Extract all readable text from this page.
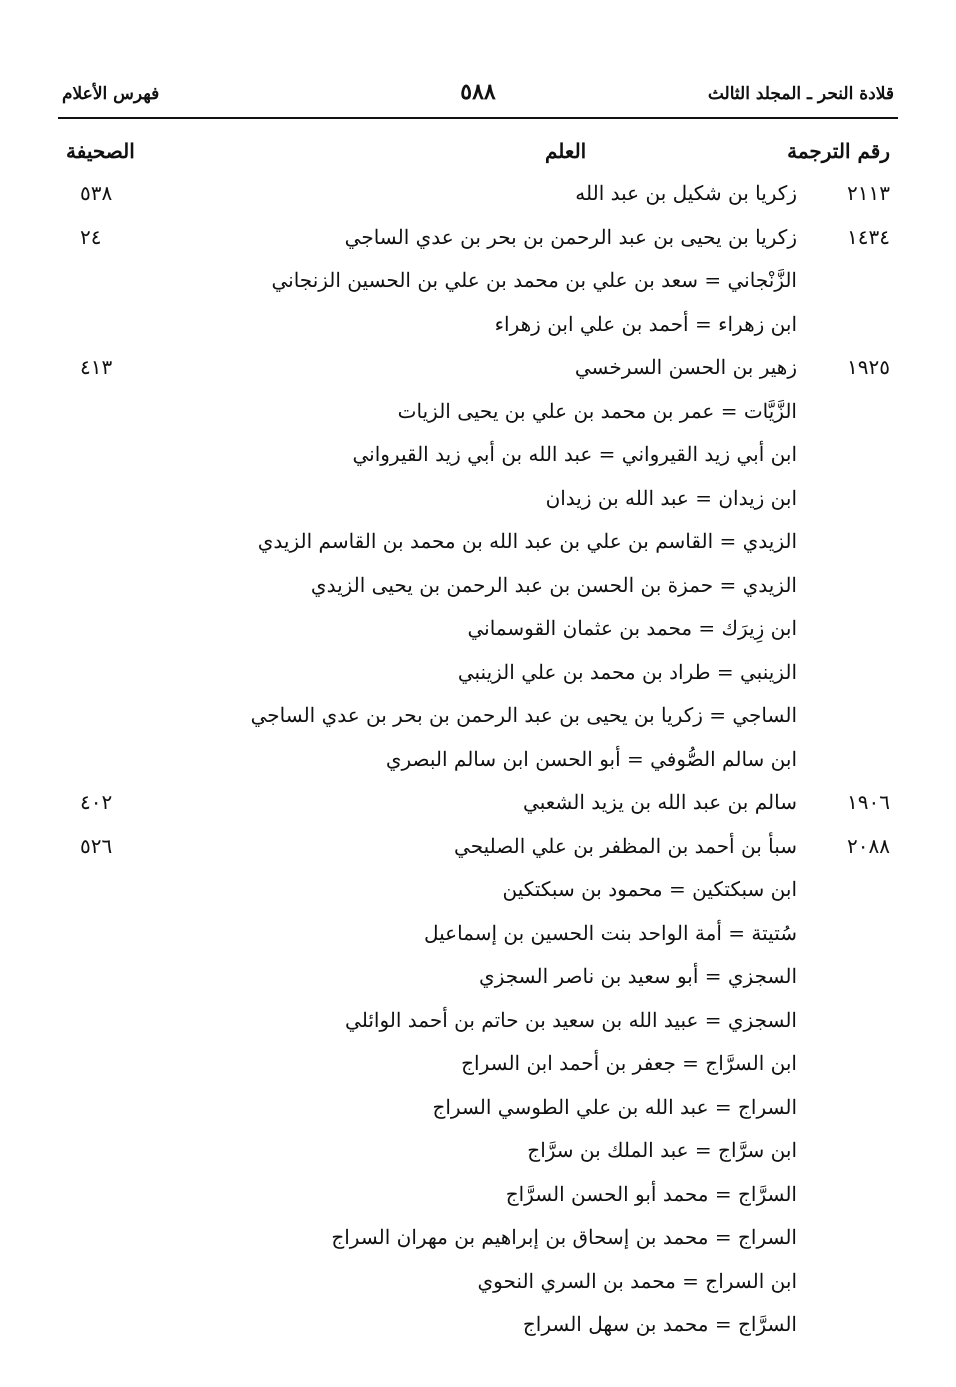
قلادة النحر ـ المجلد الثالث
٥٨٨
فهرس الأعلام
رقم الترجمة
العلم
الصحيفة
٢١١٣
زكريا بن شكيل بن عبد الله
٥٣٨
١٤٣٤
زكريا بن يحيى بن عبد الرحمن بن بحر بن عدي الساجي
٢٤
الزَّنْجاني = سعد بن علي بن محمد بن علي بن الحسين الزنجاني
ابن زهراء = أحمد بن علي ابن زهراء
١٩٢٥
زهير بن الحسن السرخسي
٤١٣
الزَّيَّات = عمر بن محمد بن علي بن يحيى الزيات
ابن أبي زيد القيرواني = عبد الله بن أبي زيد القيرواني
ابن زيدان = عبد الله بن زيدان
الزيدي = القاسم بن علي بن عبد الله بن محمد بن القاسم الزيدي
الزيدي = حمزة بن الحسن بن عبد الرحمن بن يحيى الزيدي
ابن زِيرَك = محمد بن عثمان القوسماني
الزينبي = طراد بن محمد بن علي الزينبي
الساجي = زكريا بن يحيى بن عبد الرحمن بن بحر بن عدي الساجي
ابن سالم الصُّوفي = أبو الحسن ابن سالم البصري
١٩٠٦
سالم بن عبد الله بن يزيد الشعبي
٤٠٢
٢٠٨٨
سبأ بن أحمد بن المظفر بن علي الصليحي
٥٢٦
ابن سبكتكين = محمود بن سبكتكين
سُتيتة = أمة الواحد بنت الحسين بن إسماعيل
السجزي = أبو سعيد بن ناصر السجزي
السجزي = عبيد الله بن سعيد بن حاتم بن أحمد الوائلي
ابن السرَّاج = جعفر بن أحمد ابن السراج
السراج = عبد الله بن علي الطوسي السراج
ابن سرَّاج = عبد الملك بن سرَّاج
السرَّاج = محمد أبو الحسن السرَّاج
السراج = محمد بن إسحاق بن إبراهيم بن مهران السراج
ابن السراج = محمد بن السري النحوي
السرَّاج = محمد بن سهل السراج
